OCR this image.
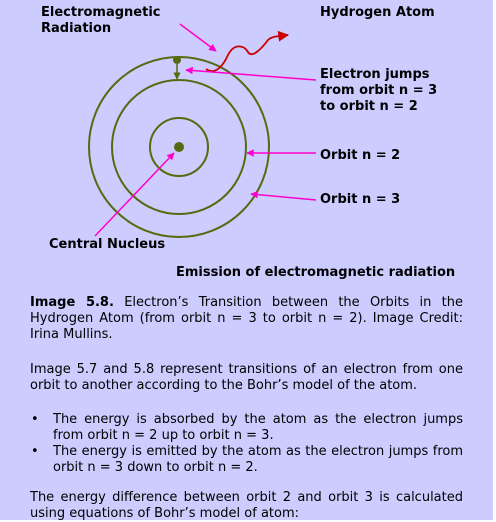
Electromagnetic
Radiation
Hydrogen Atom
Electron jumps
from orbit n = 3
to orbit n = 2
Orbit n = 2
Orbit n = 3
Central Nucleus
Emission of electromagnetic radiation
Image 5.8. Electron’s Transition between the Orbits in the Hydrogen Atom (from orbit n = 3 to orbit n = 2). Image Credit: Irina Mullins.
Image 5.7 and 5.8 represent transitions of an electron from one orbit to another according to the Bohr’s model of the atom.
• The energy is absorbed by the atom as the electron jumps from orbit n = 2 up to orbit n = 3.
• The energy is emitted by the atom as the electron jumps from orbit n = 3 down to orbit n = 2.
The energy difference between orbit 2 and orbit 3 is calculated using equations of Bohr’s model of atom:
